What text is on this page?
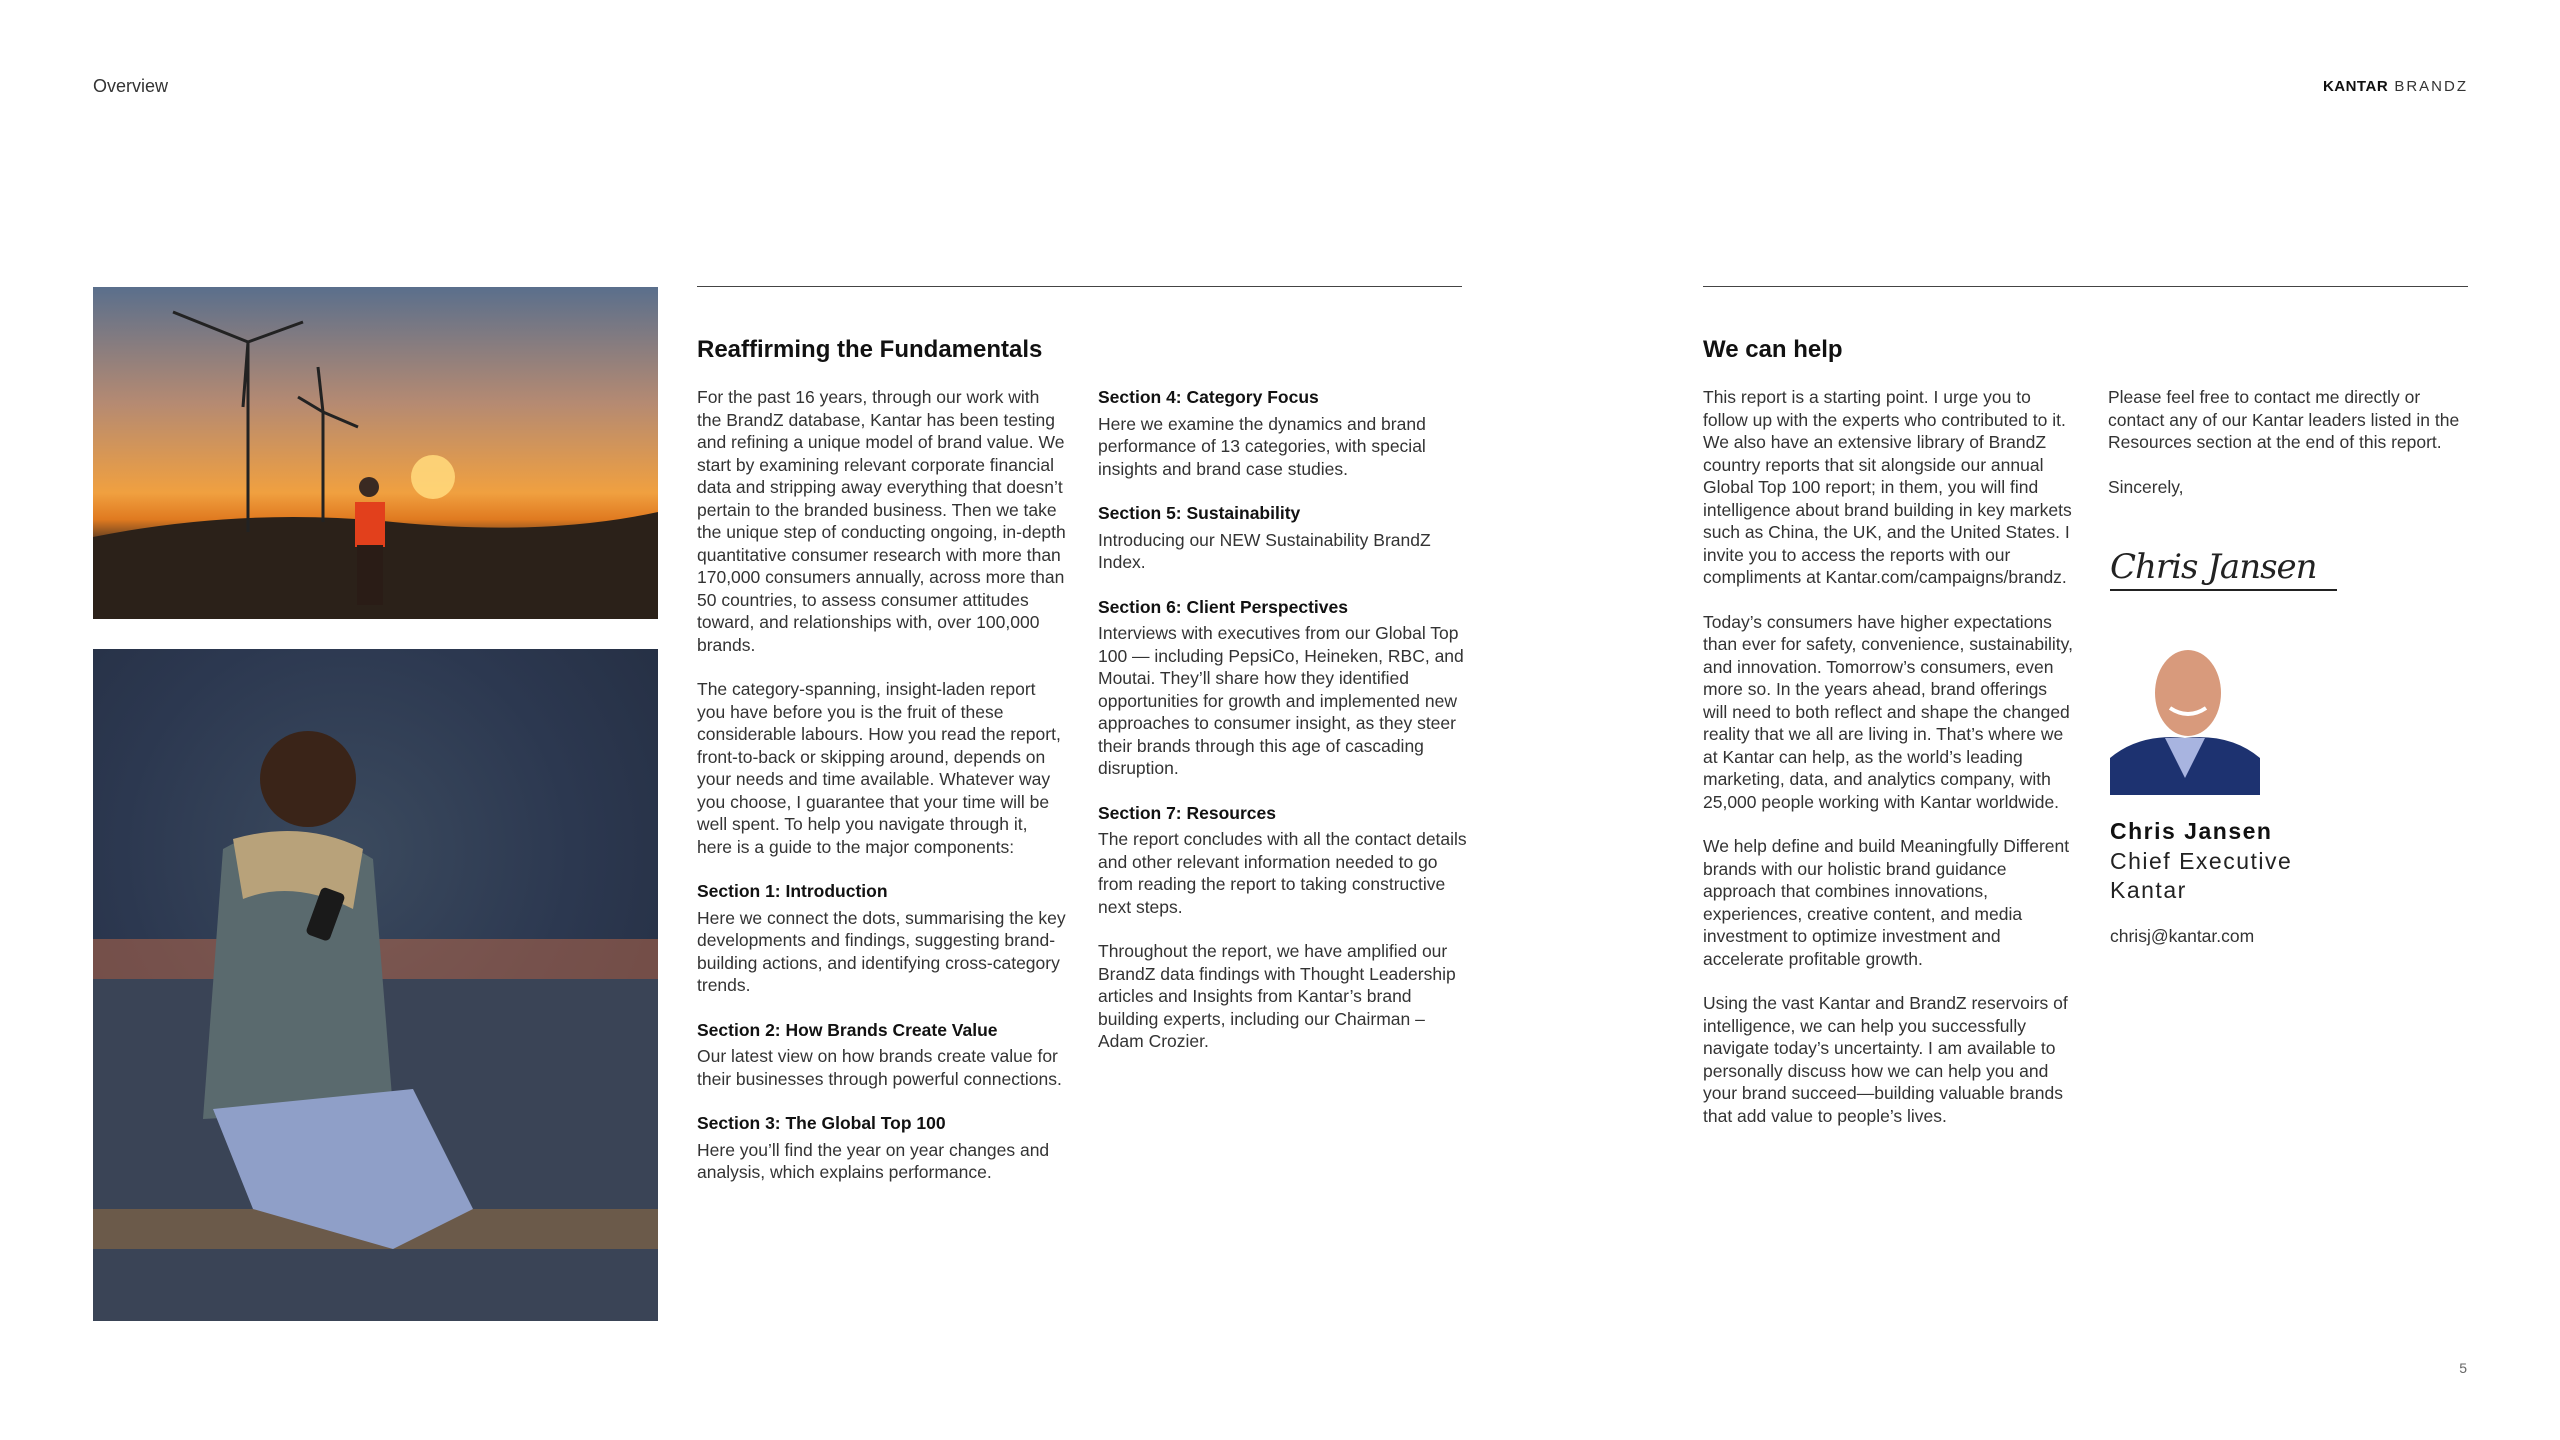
Overview	KANTAR BRANDZ
Reaffirming the Fundamentals

For the past 16 years, through our work with the BrandZ database, Kantar has been testing and refining a unique model of brand value. We start by examining relevant corporate financial data and stripping away everything that doesn’t pertain to the branded business. Then we take the unique step of conducting ongoing, in-depth quantitative consumer research with more than 170,000 consumers annually, across more than 50 countries, to assess consumer attitudes toward, and relationships with, over 100,000 brands.

The category-spanning, insight-laden report you have before you is the fruit of these considerable labours. How you read the report, front-to-back or skipping around, depends on your needs and time available. Whatever way you choose, I guarantee that your time will be well spent. To help you navigate through it, here is a guide to the major components:

Section 1: Introduction

Here we connect the dots, summarising the key developments and findings, suggesting brand-building actions, and identifying cross-category trends.

Section 2: How Brands Create Value

Our latest view on how brands create value for their businesses through powerful connections.

Section 3: The Global Top 100

Here you’ll find the year on year changes and analysis, which explains performance.

Section 4: Category Focus

Here we examine the dynamics and brand performance of 13 categories, with special insights and brand case studies.

Section 5: Sustainability

Introducing our NEW Sustainability BrandZ Index.

Section 6: Client Perspectives

Interviews with executives from our Global Top 100 — including PepsiCo, Heineken, RBC, and Moutai. They’ll share how they identified opportunities for growth and implemented new approaches to consumer insight, as they steer their brands through this age of cascading disruption.

Section 7: Resources

The report concludes with all the contact details and other relevant information needed to go from reading the report to taking constructive next steps.

Throughout the report, we have amplified our BrandZ data findings with Thought Leadership articles and Insights from Kantar’s brand building experts, including our Chairman – Adam Crozier.

We can help

This report is a starting point. I urge you to follow up with the experts who contributed to it. We also have an extensive library of BrandZ country reports that sit alongside our annual Global Top 100 report; in them, you will find intelligence about brand building in key markets such as China, the UK, and the United States. I invite you to access the reports with our compliments at Kantar.com/campaigns/brandz.

Today’s consumers have higher expectations than ever for safety, convenience, sustainability, and innovation. Tomorrow’s consumers, even more so. In the years ahead, brand offerings will need to both reflect and shape the changed reality that we all are living in. That’s where we at Kantar can help, as the world’s leading marketing, data, and analytics company, with 25,000 people working with Kantar worldwide.

We help define and build Meaningfully Different brands with our holistic brand guidance approach that combines innovations, experiences, creative content, and media investment to optimize investment and accelerate profitable growth.

Using the vast Kantar and BrandZ reservoirs of intelligence, we can help you successfully navigate today’s uncertainty. I am available to personally discuss how we can help you and your brand succeed—building valuable brands that add value to people’s lives.

Please feel free to contact me directly or contact any of our Kantar leaders listed in the Resources section at the end of this report.

Sincerely,

Chris Jansen
Chris Jansen
Chief Executive
Kantar
chrisj@kantar.com
5
